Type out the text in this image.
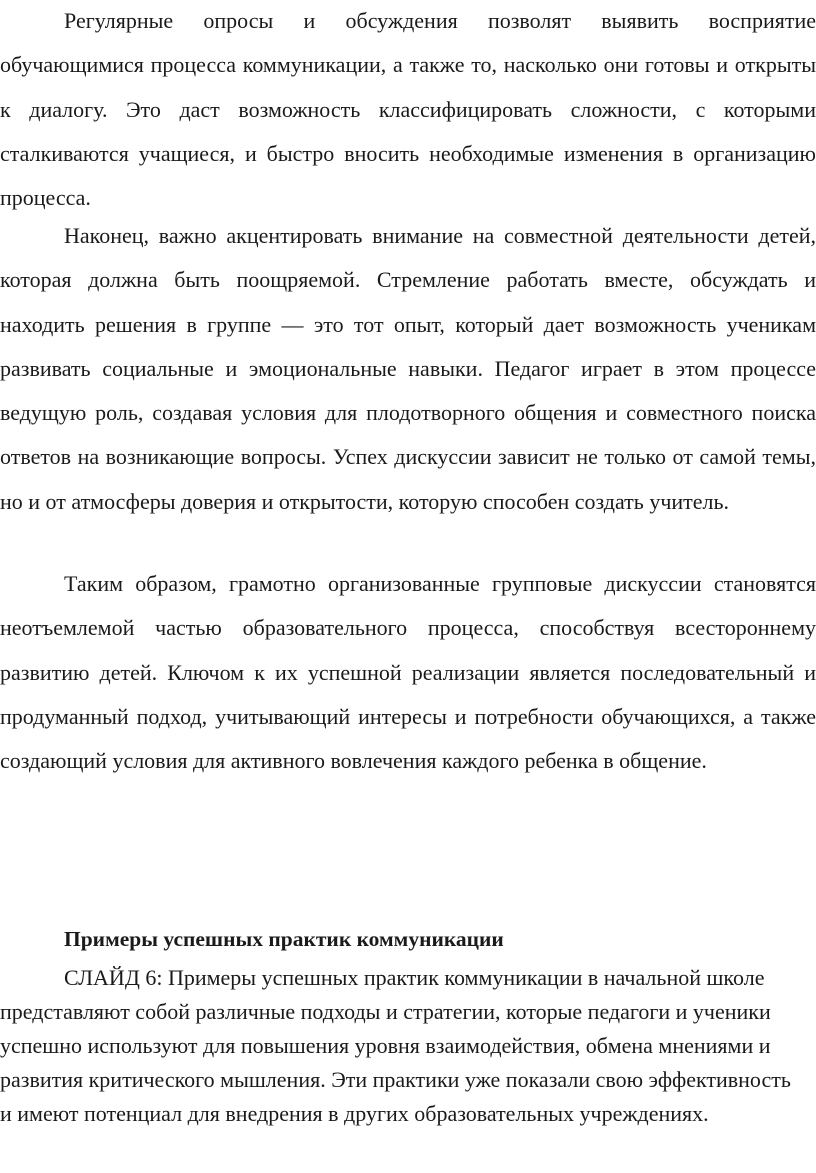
Регулярные опросы и обсуждения позволят выявить восприятие обучающимися процесса коммуникации, а также то, насколько они готовы и открыты к диалогу. Это даст возможность классифицировать сложности, с которыми сталкиваются учащиеся, и быстро вносить необходимые изменения в организацию процесса.

Наконец, важно акцентировать внимание на совместной деятельности детей, которая должна быть поощряемой. Стремление работать вместе, обсуждать и находить решения в группе — это тот опыт, который дает возможность ученикам развивать социальные и эмоциональные навыки. Педагог играет в этом процессе ведущую роль, создавая условия для плодотворного общения и совместного поиска ответов на возникающие вопросы. Успех дискуссии зависит не только от самой темы, но и от атмосферы доверия и открытости, которую способен создать учитель.

Таким образом, грамотно организованные групповые дискуссии становятся неотъемлемой частью образовательного процесса, способствуя всестороннему развитию детей. Ключом к их успешной реализации является последовательный и продуманный подход, учитывающий интересы и потребности обучающихся, а также создающий условия для активного вовлечения каждого ребенка в общение.

Примеры успешных практик коммуникации

СЛАЙД 6: Примеры успешных практик коммуникации в начальной школе представляют собой различные подходы и стратегии, которые педагоги и ученики успешно используют для повышения уровня взаимодействия, обмена мнениями и развития критического мышления. Эти практики уже показали свою эффективность и имеют потенциал для внедрения в других образовательных учреждениях.
